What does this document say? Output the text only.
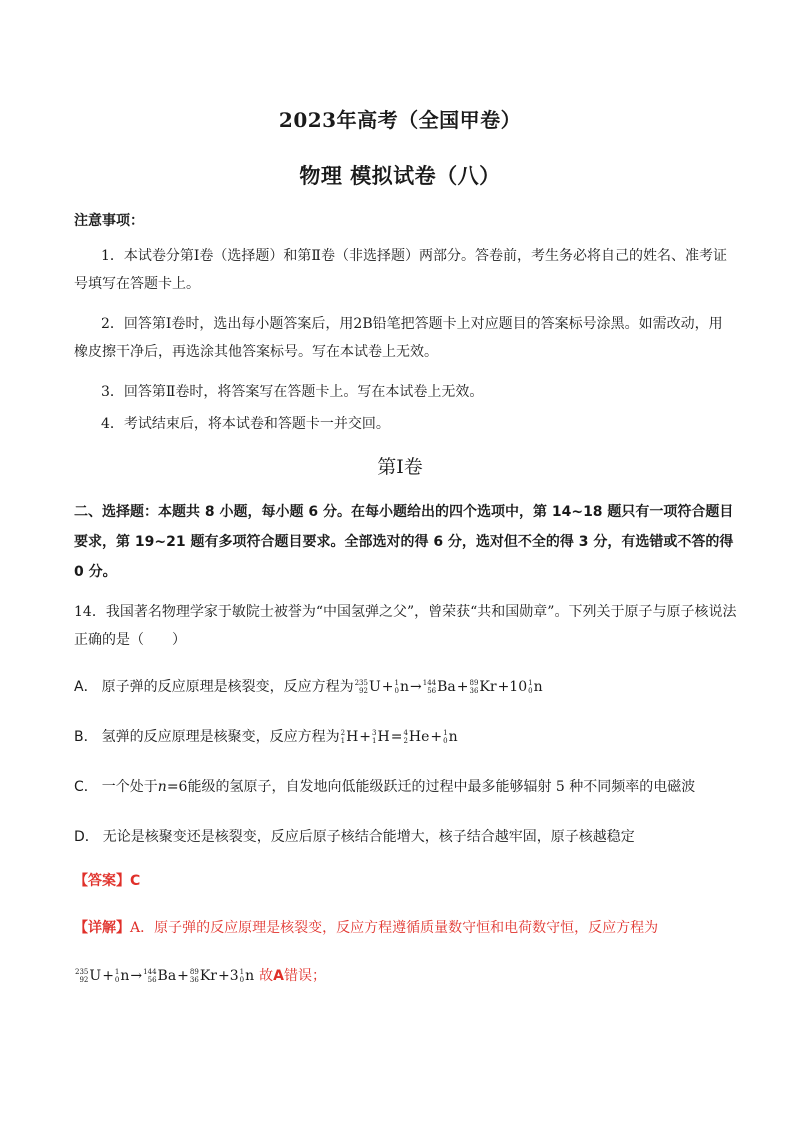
2023年高考（全国甲卷）
物理 模拟试卷（八）
注意事项：
1．本试卷分第Ⅰ卷（选择题）和第Ⅱ卷（非选择题）两部分。答卷前，考生务必将自己的姓名、准考证号填写在答题卡上。
2．回答第Ⅰ卷时，选出每小题答案后，用2B铅笔把答题卡上对应题目的答案标号涂黑。如需改动，用橡皮擦干净后，再选涂其他答案标号。写在本试卷上无效。
3．回答第Ⅱ卷时，将答案写在答题卡上。写在本试卷上无效。
4．考试结束后，将本试卷和答题卡一并交回。
第Ⅰ卷
二、选择题：本题共 8 小题，每小题 6 分。在每小题给出的四个选项中，第 14~18 题只有一项符合题目要求，第 19~21 题有多项符合题目要求。全部选对的得 6 分，选对但不全的得 3 分，有选错或不答的得 0 分。
14．我国著名物理学家于敏院士被誉为“中国氢弹之父”，曾荣获“共和国勋章”。下列关于原子与原子核说法正确的是（　　）
A． 原子弹的反应原理是核裂变，反应方程为 235
92 U+ 1
0 n→ 144
56 Ba+ 89
36 Kr+10 1
0 n
B． 氢弹的反应原理是核聚变，反应方程为 2
1 H+ 3
1 H= 4
2 He+ 1
0 n
C． 一个处于n=6能级的氢原子，自发地向低能级跃迁的过程中最多能够辐射 5 种不同频率的电磁波
D． 无论是核聚变还是核裂变，反应后原子核结合能增大，核子结合越牢固，原子核越稳定
【答案】C
【详解】A．原子弹的反应原理是核裂变，反应方程遵循质量数守恒和电荷数守恒，反应方程为
235
92 U+ 1
0 n→ 144
56 Ba+ 89
36 Kr+3 1
0 n 故A错误；
